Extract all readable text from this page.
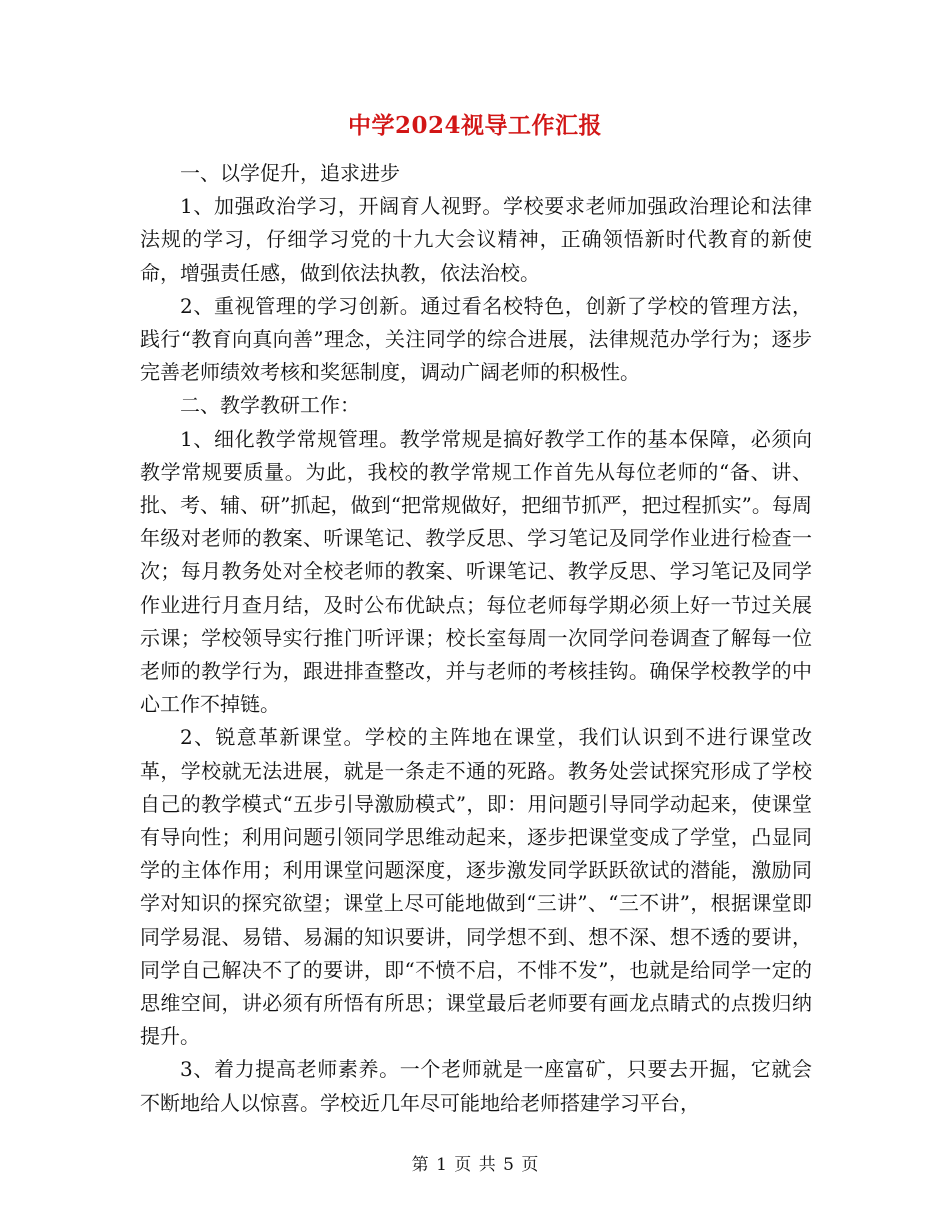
中学2024视导工作汇报

一、以学促升，追求进步

1、加强政治学习，开阔育人视野。学校要求老师加强政治理论和法律法规的学习，仔细学习党的十九大会议精神，正确领悟新时代教育的新使命，增强责任感，做到依法执教，依法治校。

2、重视管理的学习创新。通过看名校特色，创新了学校的管理方法，践行“教育向真向善”理念，关注同学的综合进展，法律规范办学行为；逐步完善老师绩效考核和奖惩制度，调动广阔老师的积极性。

二、教学教研工作：

1、细化教学常规管理。教学常规是搞好教学工作的基本保障，必须向教学常规要质量。为此，我校的教学常规工作首先从每位老师的“备、讲、批、考、辅、研”抓起，做到“把常规做好，把细节抓严，把过程抓实”。每周年级对老师的教案、听课笔记、教学反思、学习笔记及同学作业进行检查一次；每月教务处对全校老师的教案、听课笔记、教学反思、学习笔记及同学作业进行月查月结，及时公布优缺点；每位老师每学期必须上好一节过关展示课；学校领导实行推门听评课；校长室每周一次同学问卷调查了解每一位老师的教学行为，跟进排查整改，并与老师的考核挂钩。确保学校教学的中心工作不掉链。

2、锐意革新课堂。学校的主阵地在课堂，我们认识到不进行课堂改革，学校就无法进展，就是一条走不通的死路。教务处尝试探究形成了学校自己的教学模式“五步引导激励模式”，即：用问题引导同学动起来，使课堂有导向性；利用问题引领同学思维动起来，逐步把课堂变成了学堂，凸显同学的主体作用；利用课堂问题深度，逐步激发同学跃跃欲试的潜能，激励同学对知识的探究欲望；课堂上尽可能地做到“三讲”、“三不讲”，根据课堂即同学易混、易错、易漏的知识要讲，同学想不到、想不深、想不透的要讲，同学自己解决不了的要讲，即“不愤不启，不悱不发”，也就是给同学一定的思维空间，讲必须有所悟有所思；课堂最后老师要有画龙点睛式的点拨归纳提升。

3、着力提高老师素养。一个老师就是一座富矿，只要去开掘，它就会不断地给人以惊喜。学校近几年尽可能地给老师搭建学习平台，

第 1 页 共 5 页
